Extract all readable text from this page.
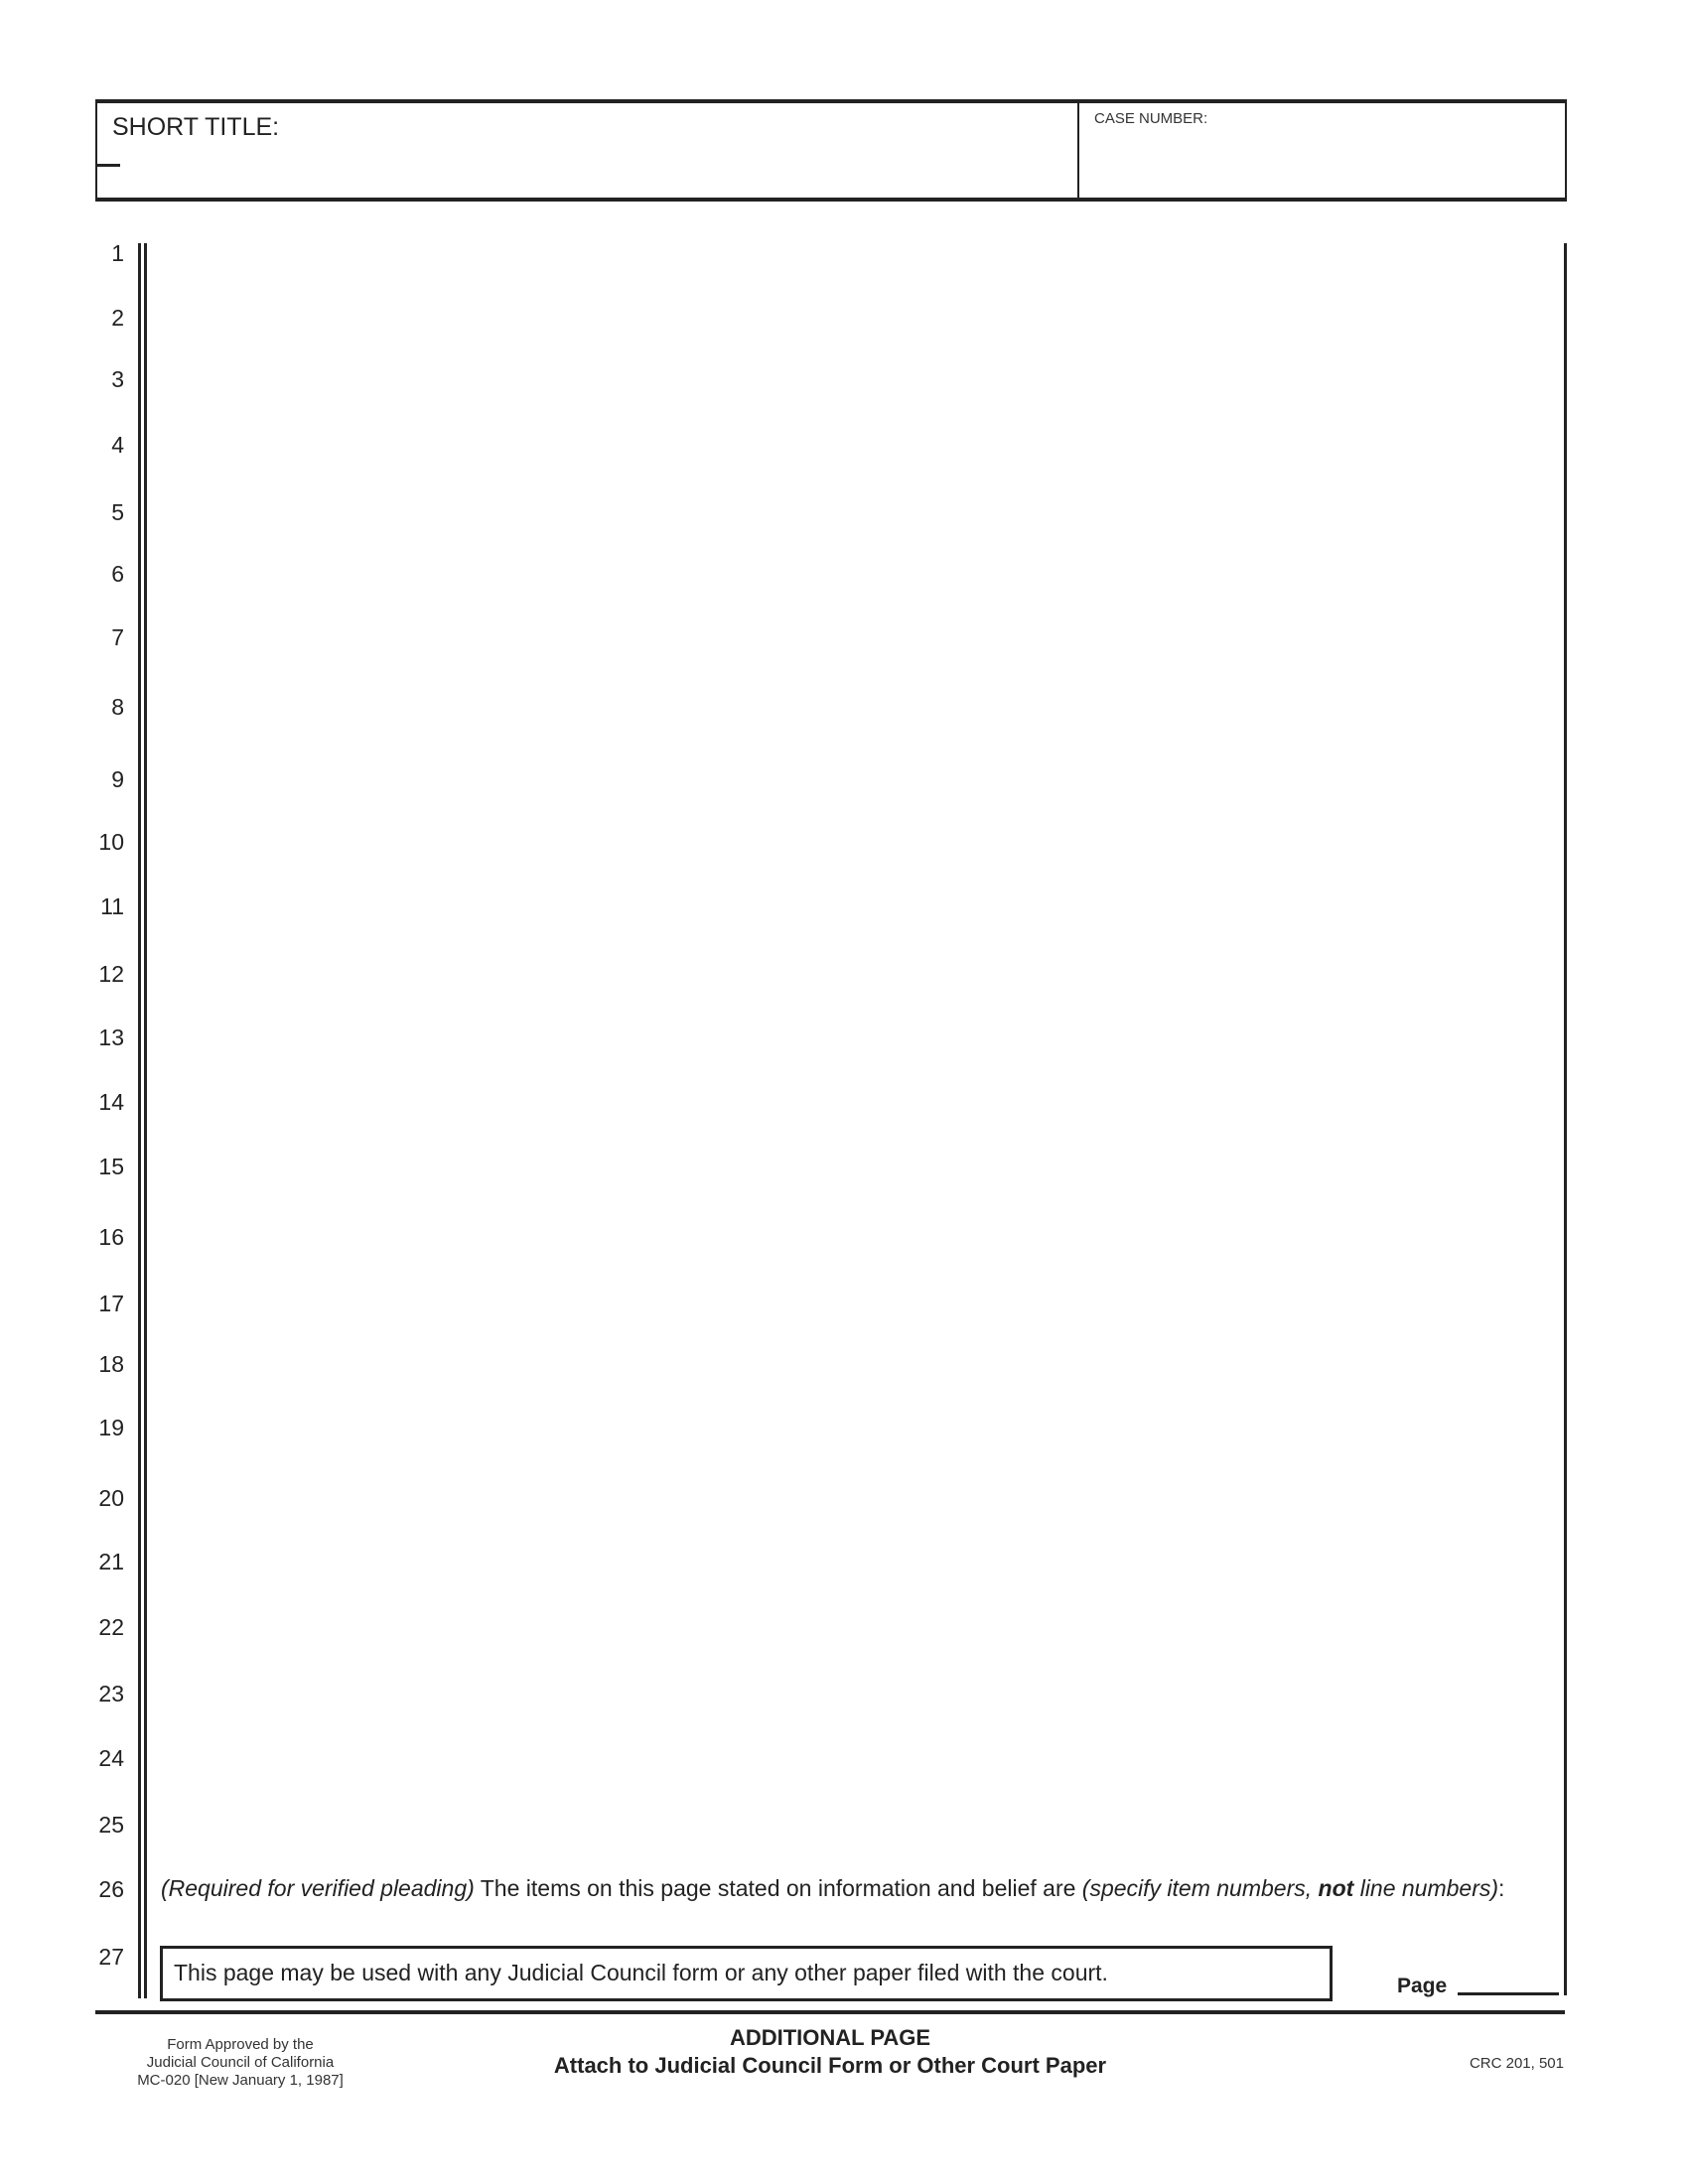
SHORT TITLE:	CASE NUMBER:
1
2
3
4
5
6
7
8
9
10
11
12
13
14
15
16
17
18
19
20
21
22
23
24
25
26
27
(Required for verified pleading) The items on this page stated on information and belief are (specify item numbers, not line numbers):
This page may be used with any Judicial Council form or any other paper filed with the court.
Page
Form Approved by the
Judicial Council of California
MC-020 [New January 1, 1987]
ADDITIONAL PAGE
Attach to Judicial Council Form or Other Court Paper	CRC 201, 501
